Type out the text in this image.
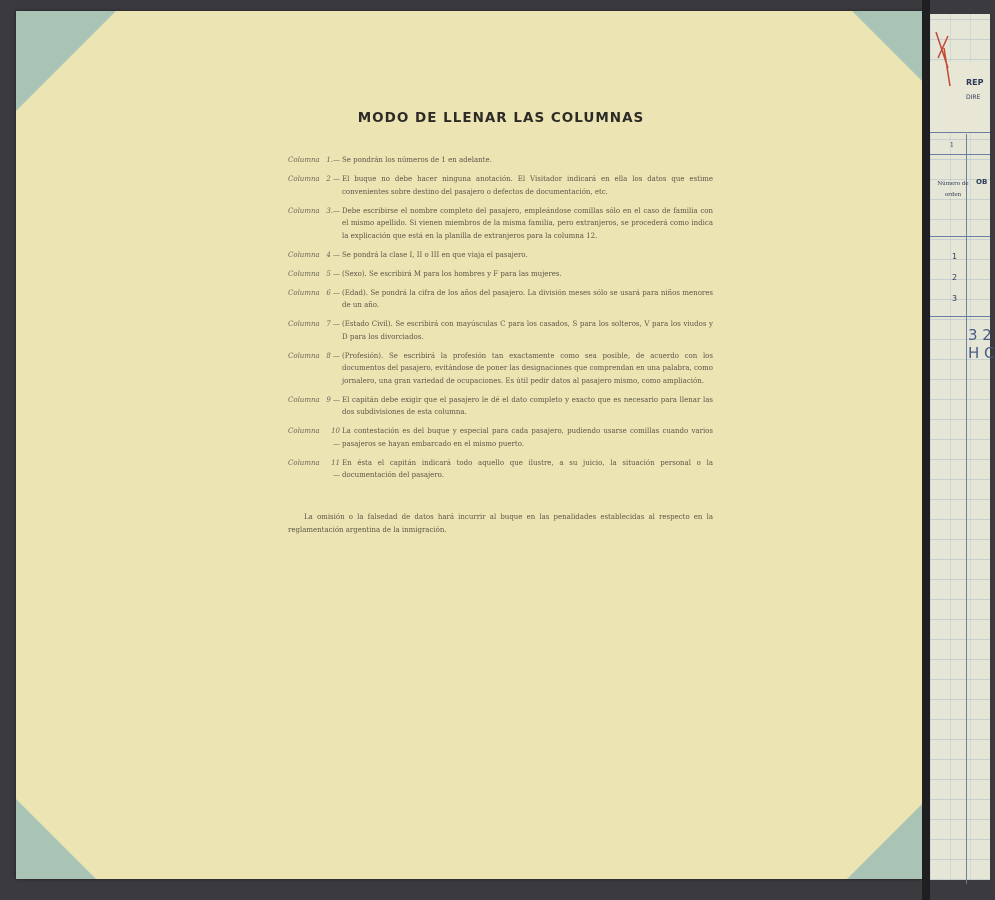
MODO DE LLENAR LAS COLUMNAS
Columna 1.— Se pondrán los números de 1 en adelante.
Columna 2 — El buque no debe hacer ninguna anotación. El Visitador indicará en ella los datos que estime convenientes sobre destino del pasajero o defectos de documentación, etc.
Columna 3.— Debe escribirse el nombre completo del pasajero, empleándose comillas sólo en el caso de familia con el mismo apellido. Si vienen miembros de la misma familia, pero extranjeros, se procederá como indica la explicación que está en la planilla de extranjeros para la columna 12.
Columna 4 — Se pondrá la clase I, II o III en que viaja el pasajero.
Columna 5 — (Sexo). Se escribirá M para los hombres y F para las mujeres.
Columna 6 — (Edad). Se pondrá la cifra de los años del pasajero. La división meses sólo se usará para niños menores de un año.
Columna 7 — (Estado Civil). Se escribirá con mayúsculas C para los casados, S para los solteros, V para los viudos y D para los divorciados.
Columna 8 — (Profesión). Se escribirá la profesión tan exactamente como sea posible, de acuerdo con los documentos del pasajero, evitándose de poner las designaciones que comprendan en una palabra, como jornalero, una gran variedad de ocupaciones. Es útil pedir datos al pasajero mismo, como ampliación.
Columna 9 — El capitán debe exigir que el pasajero le dé el dato completo y exacto que es necesario para llenar las dos subdivisiones de esta columna.
Columna	10 —
La contestación es del buque y especial para cada pasajero, pudiendo usarse comillas cuando varios pasajeros se hayan embarcado en el mismo puerto.
Columna	11 —
En ésta el capitán indicará todo aquello que ilustre, a su juicio, la situación personal o la documentación del pasajero.
La omisión o la falsedad de datos hará incurrir al buque en las penalidades establecidas al respecto en la reglamentación argentina de la inmigración.
REP
DIRE
1
OB
Número de orden
1
2
3
3 2
H C
